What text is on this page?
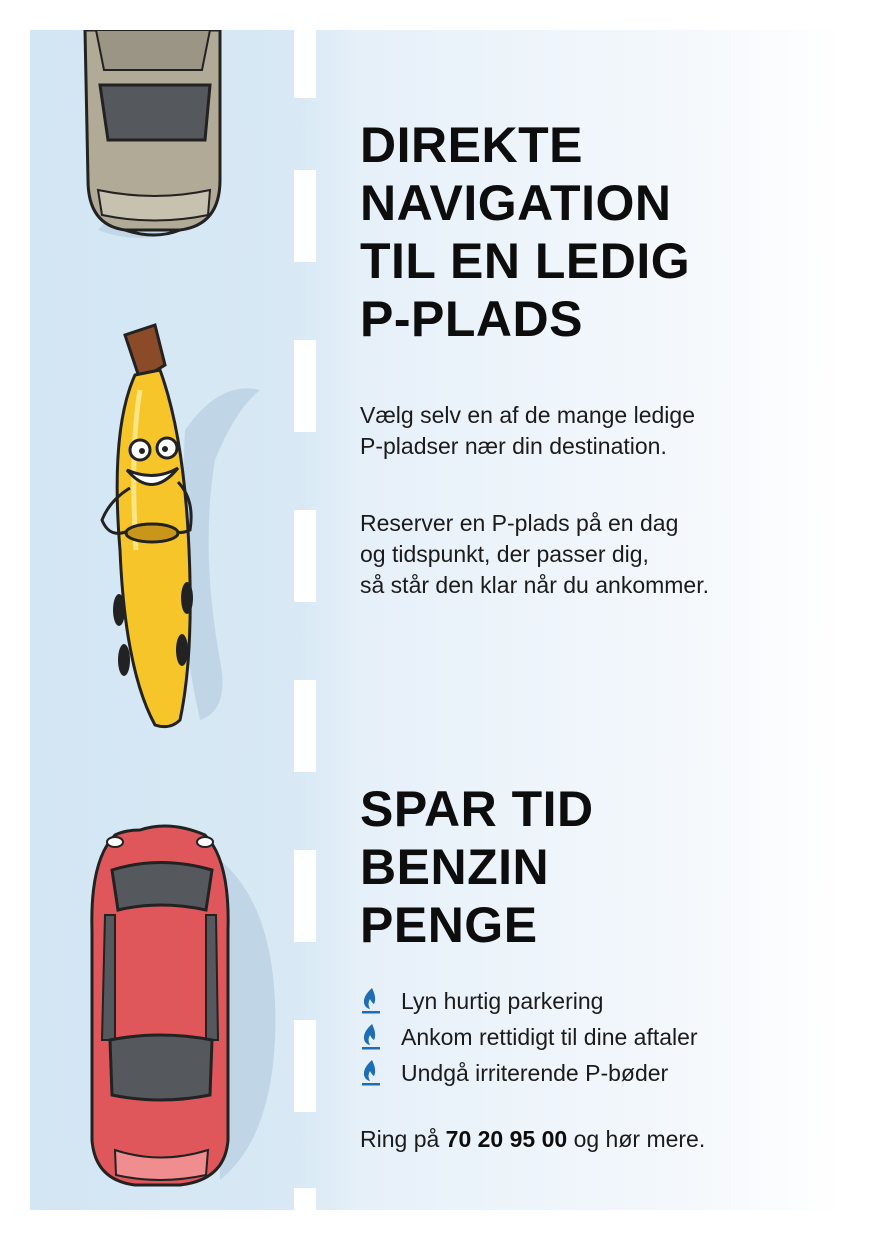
DIREKTE
NAVIGATION
TIL EN LEDIG
P-PLADS

Vælg selv en af de mange ledige
P-pladser nær din destination.

Reserver en P-plads på en dag
og tidspunkt, der passer dig,
så står den klar når du ankommer.

SPAR TID
BENZIN
PENGE
Lyn hurtig parkering
Ankom rettidigt til dine aftaler
Undgå irriterende P-bøder

Ring på 70 20 95 00 og hør mere.
